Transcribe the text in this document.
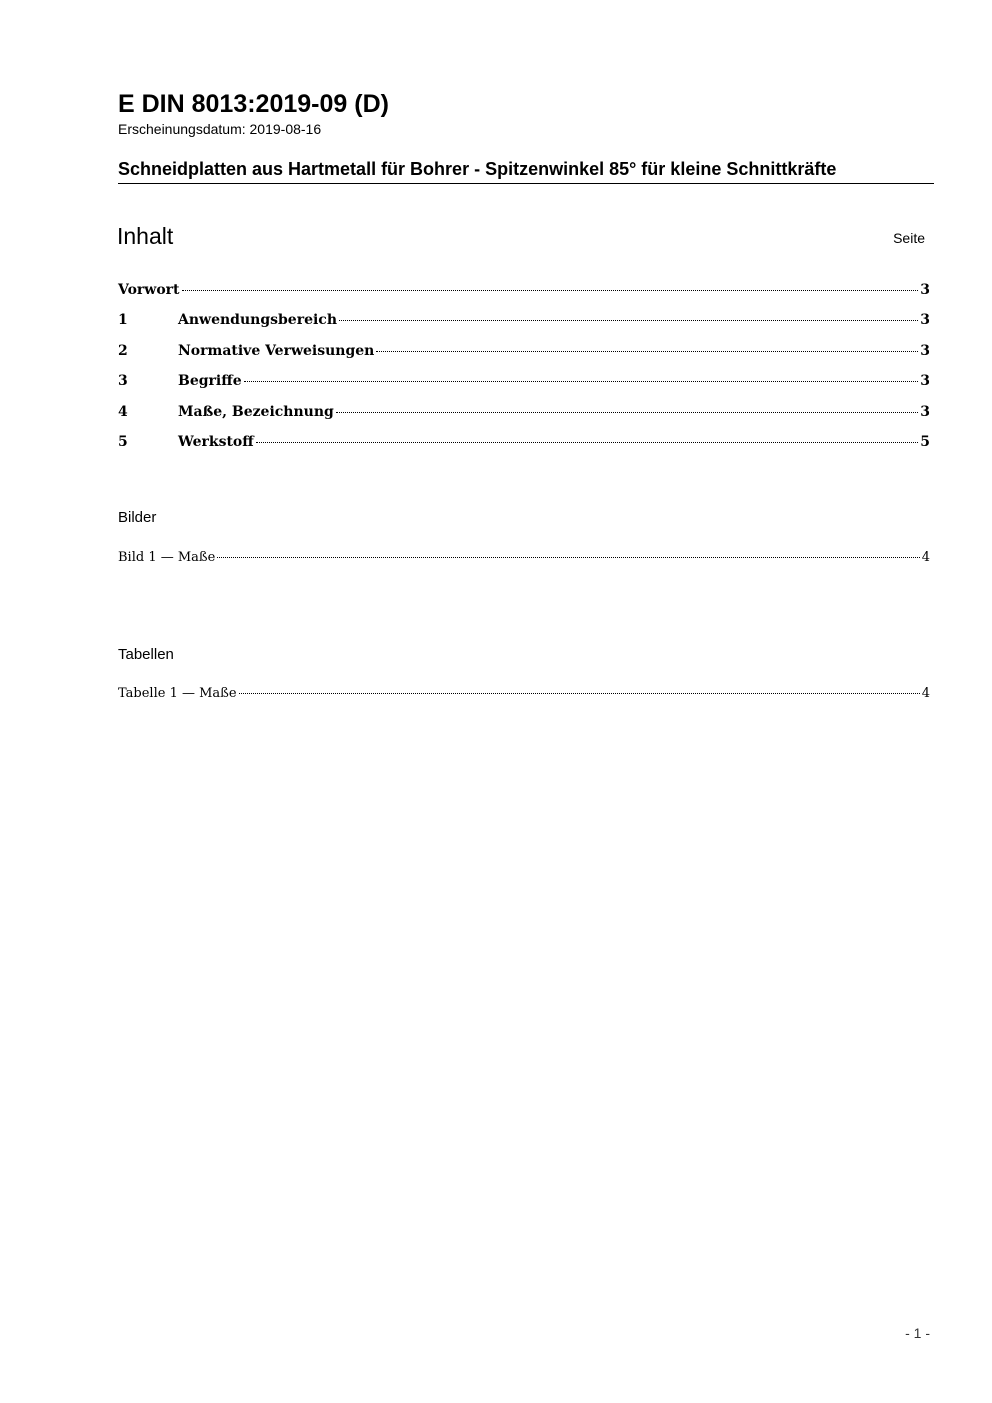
E DIN 8013:2019-09 (D)
Erscheinungsdatum: 2019-08-16
Schneidplatten aus Hartmetall für Bohrer - Spitzenwinkel 85° für kleine Schnittkräfte
Inhalt	Seite
Vorwort	3
1	Anwendungsbereich	3
2	Normative Verweisungen	3
3	Begriffe	3
4	Maße, Bezeichnung	3
5	Werkstoff	5
Bilder
Bild 1 — Maße	4
Tabellen
Tabelle 1 — Maße	4
- 1 -
